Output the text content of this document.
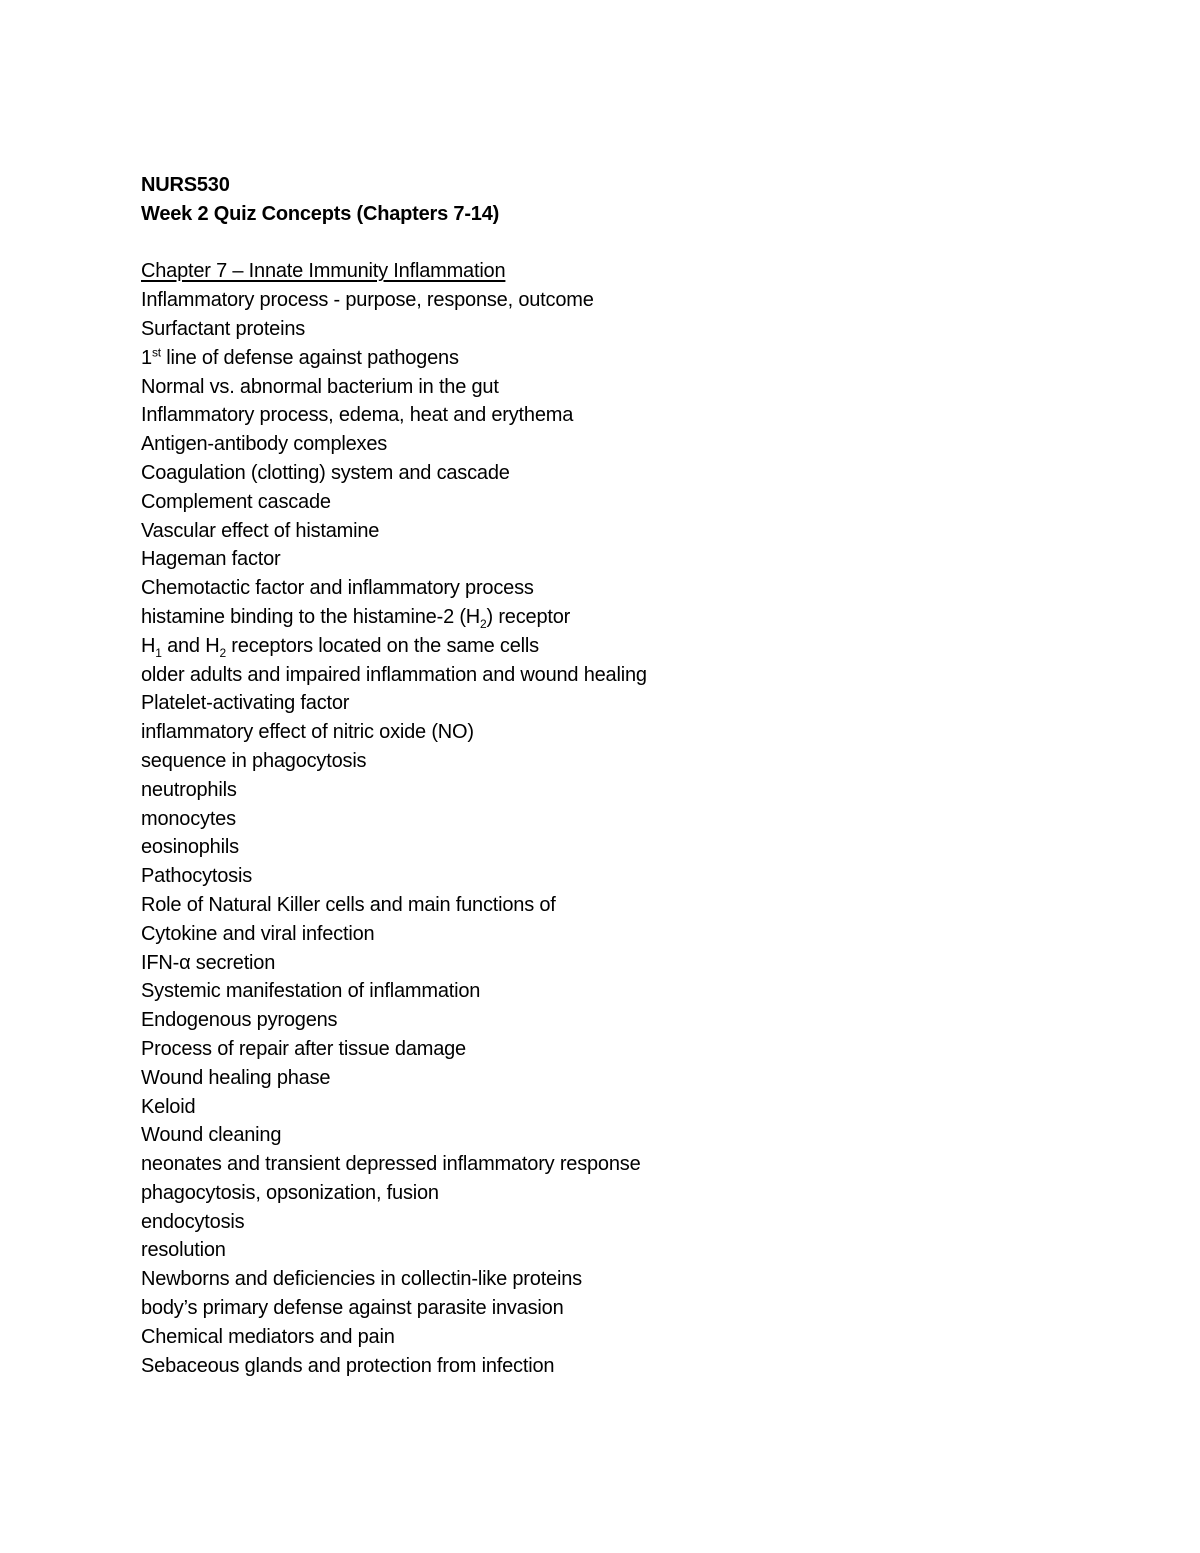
NURS530
Week 2 Quiz Concepts (Chapters 7-14)
Chapter 7 – Innate Immunity Inflammation
Inflammatory process - purpose, response, outcome
Surfactant proteins
1st line of defense against pathogens
Normal vs. abnormal bacterium in the gut
Inflammatory process, edema, heat and erythema
Antigen-antibody complexes
Coagulation (clotting) system and cascade
Complement cascade
Vascular effect of histamine
Hageman factor
Chemotactic factor and inflammatory process
histamine binding to the histamine-2 $(H_2)$ receptor
$H_1$ and $H_2$ receptors located on the same cells
older adults and impaired inflammation and wound healing
Platelet-activating factor
inflammatory effect of nitric oxide (NO)
sequence in phagocytosis
neutrophils
monocytes
eosinophils
Pathocytosis
Role of Natural Killer cells and main functions of
Cytokine and viral infection
IFN-α secretion
Systemic manifestation of inflammation
Endogenous pyrogens
Process of repair after tissue damage
Wound healing phase
Keloid
Wound cleaning
neonates and transient depressed inflammatory response
phagocytosis, opsonization, fusion
endocytosis
resolution
Newborns and deficiencies in collectin-like proteins
body’s primary defense against parasite invasion
Chemical mediators and pain
Sebaceous glands and protection from infection
